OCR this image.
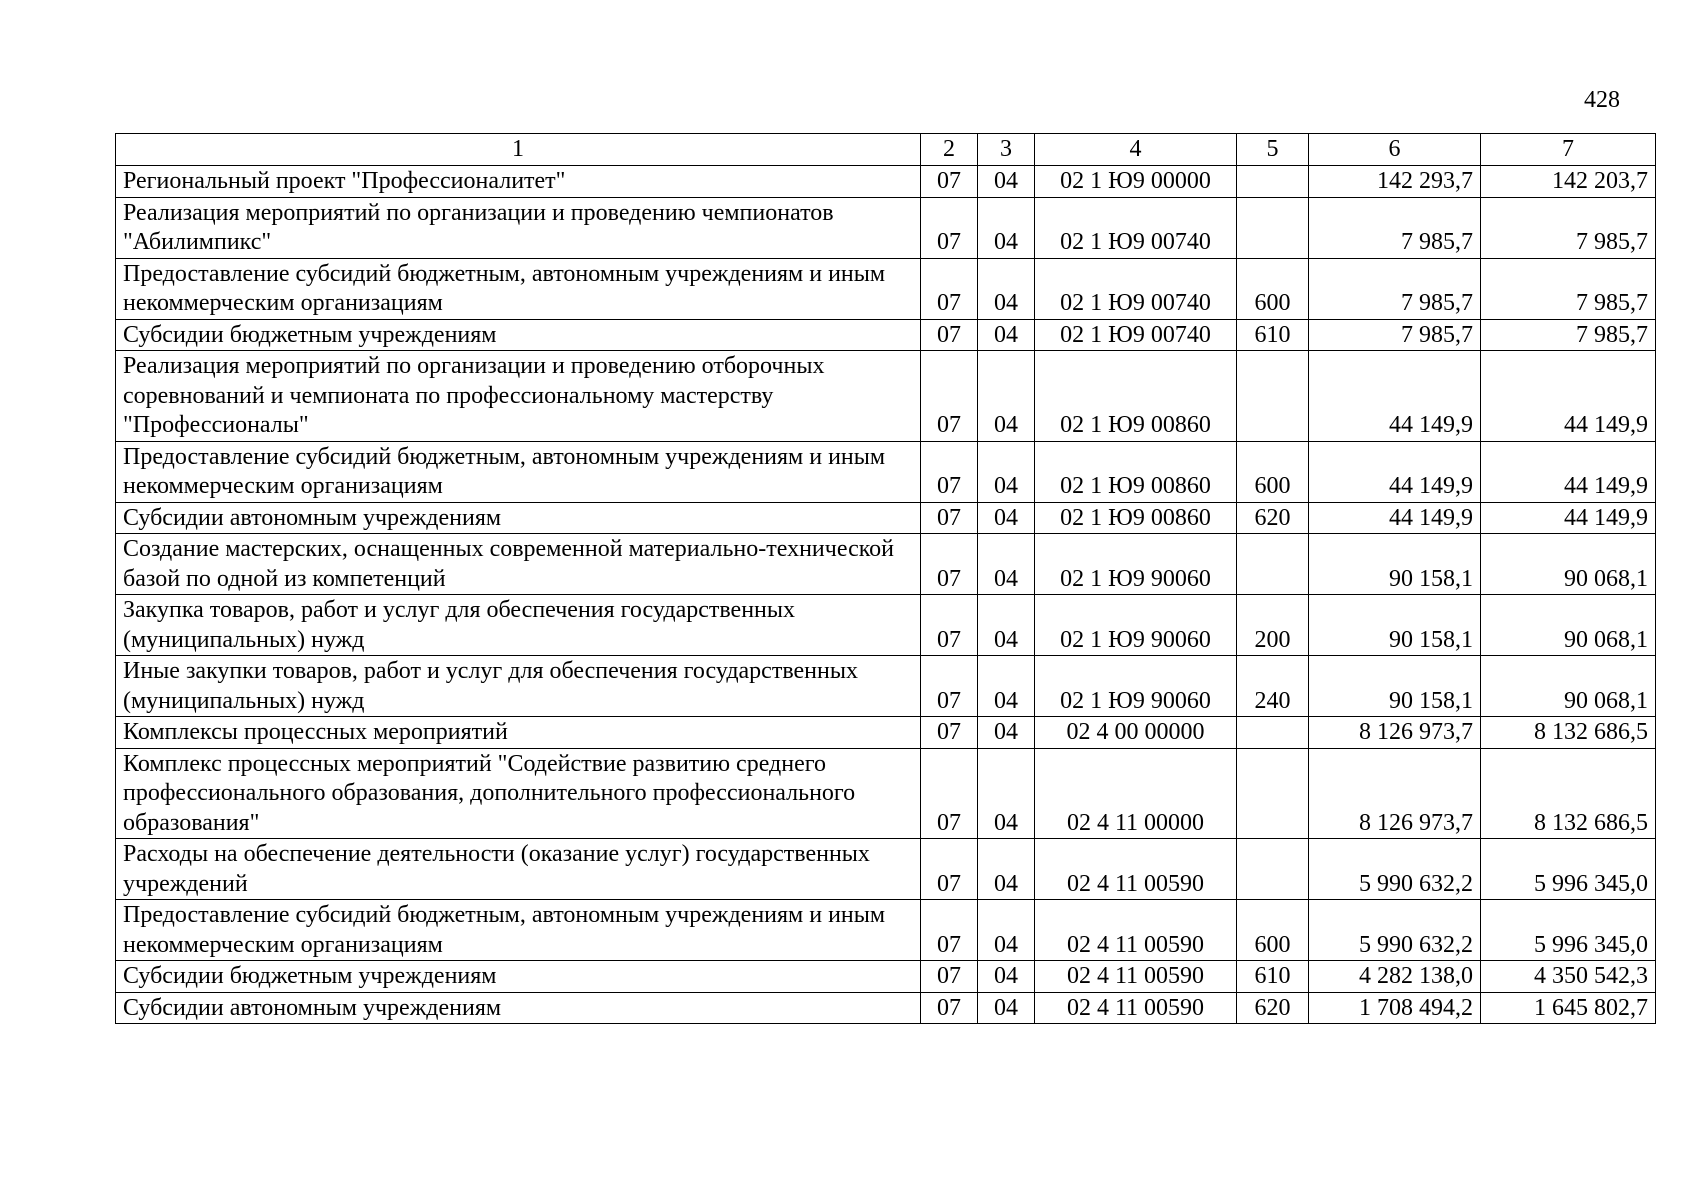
428
1	2	3	4	5	6	7
Региональный проект "Профессионалитет"	07	04	02 1 Ю9 00000		142 293,7	142 203,7
Реализация мероприятий по организации и проведению чемпионатов "Абилимпикс"	07	04	02 1 Ю9 00740		7 985,7	7 985,7
Предоставление субсидий бюджетным, автономным учреждениям и иным некоммерческим организациям	07	04	02 1 Ю9 00740	600	7 985,7	7 985,7
Субсидии бюджетным учреждениям	07	04	02 1 Ю9 00740	610	7 985,7	7 985,7
Реализация мероприятий по организации и проведению отборочных соревнований и чемпионата по профессиональному мастерству "Профессионалы"	07	04	02 1 Ю9 00860		44 149,9	44 149,9
Предоставление субсидий бюджетным, автономным учреждениям и иным некоммерческим организациям	07	04	02 1 Ю9 00860	600	44 149,9	44 149,9
Субсидии автономным учреждениям	07	04	02 1 Ю9 00860	620	44 149,9	44 149,9
Создание мастерских, оснащенных современной материально-технической базой по одной из компетенций	07	04	02 1 Ю9 90060		90 158,1	90 068,1
Закупка товаров, работ и услуг для обеспечения государственных (муниципальных) нужд	07	04	02 1 Ю9 90060	200	90 158,1	90 068,1
Иные закупки товаров, работ и услуг для обеспечения государственных (муниципальных) нужд	07	04	02 1 Ю9 90060	240	90 158,1	90 068,1
Комплексы процессных мероприятий	07	04	02 4 00 00000		8 126 973,7	8 132 686,5
Комплекс процессных мероприятий "Содействие развитию среднего профессионального образования, дополнительного профессионального образования"	07	04	02 4 11 00000		8 126 973,7	8 132 686,5
Расходы на обеспечение деятельности (оказание услуг) государственных учреждений	07	04	02 4 11 00590		5 990 632,2	5 996 345,0
Предоставление субсидий бюджетным, автономным учреждениям и иным некоммерческим организациям	07	04	02 4 11 00590	600	5 990 632,2	5 996 345,0
Субсидии бюджетным учреждениям	07	04	02 4 11 00590	610	4 282 138,0	4 350 542,3
Субсидии автономным учреждениям	07	04	02 4 11 00590	620	1 708 494,2	1 645 802,7
